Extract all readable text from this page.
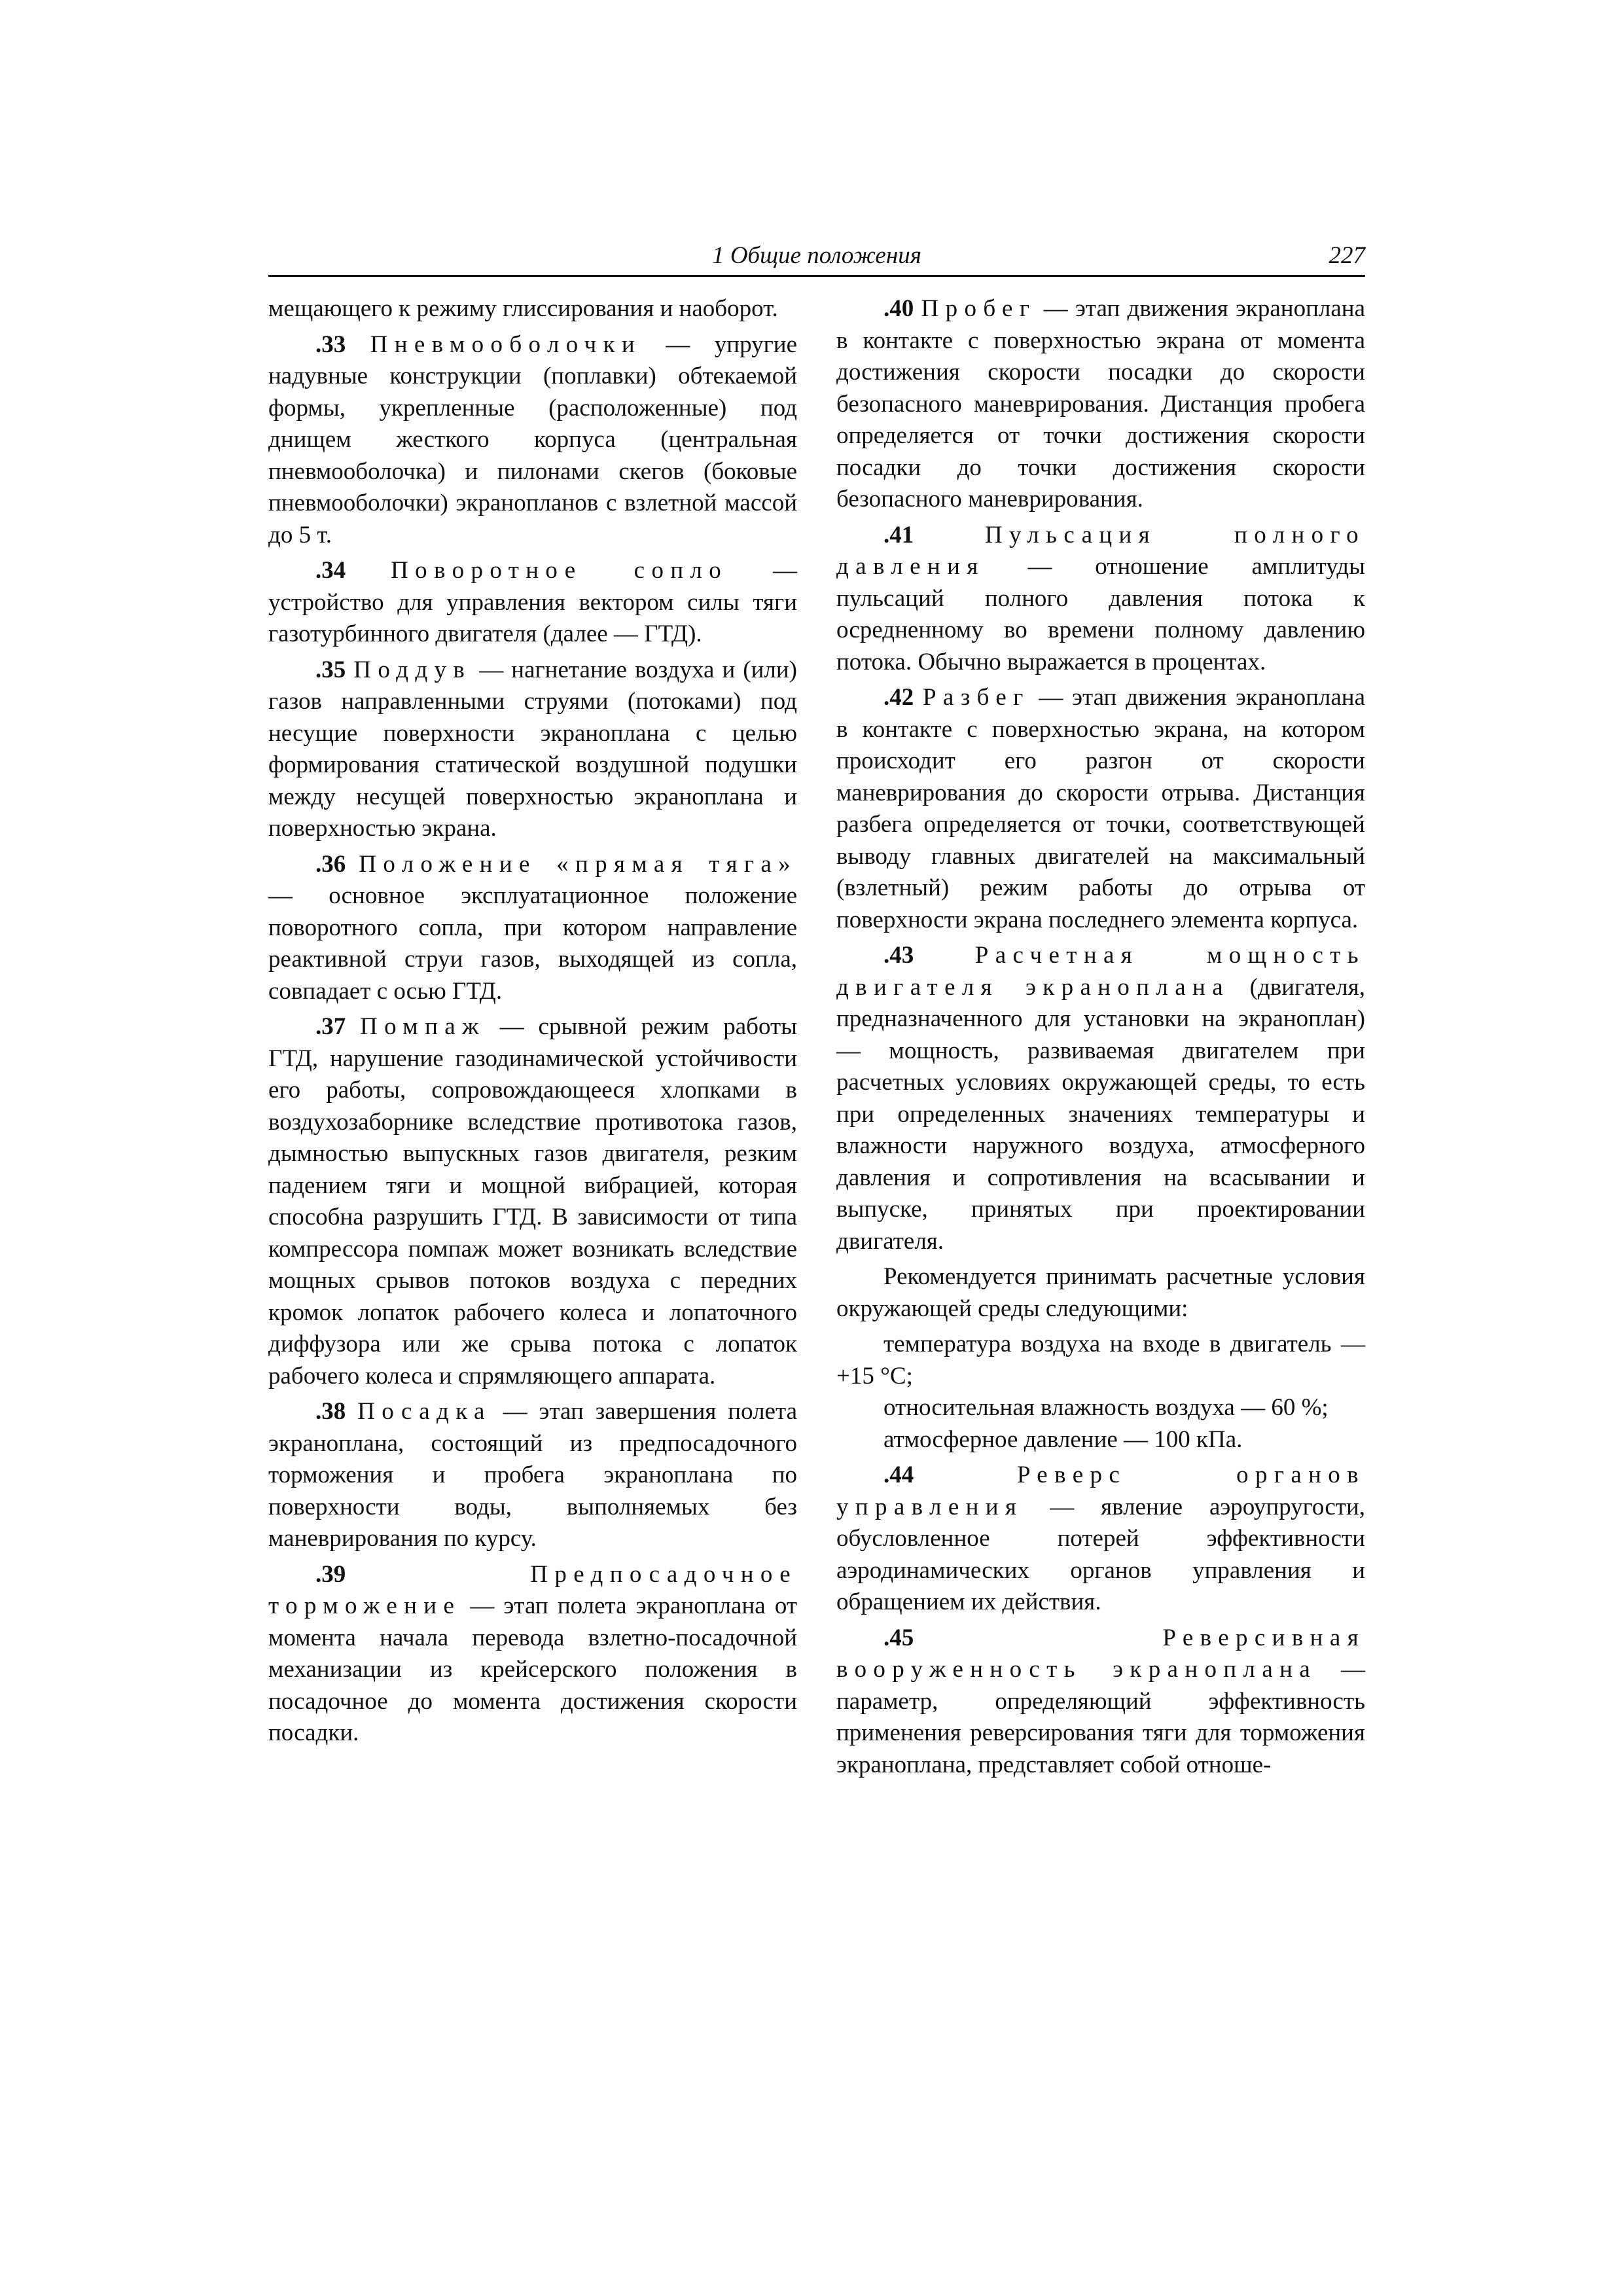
1 Общие положения	227

мещающего к режиму глиссирования и наоборот.

.33 Пневмооболочки — упругие надувные конструкции (поплавки) обтекаемой формы, укрепленные (расположенные) под днищем жесткого корпуса (центральная пневмооболочка) и пилонами скегов (боковые пневмооболочки) экранопланов с взлетной массой до 5 т.

.34 Поворотное сопло — устройство для управления вектором силы тяги газотурбинного двигателя (далее — ГТД).

.35 Поддув — нагнетание воздуха и (или) газов направленными струями (потоками) под несущие поверхности экраноплана с целью формирования статической воздушной подушки между несущей поверхностью экраноплана и поверхностью экрана.

.36 Положение «прямая тяга» — основное эксплуатационное положение поворотного сопла, при котором направление реактивной струи газов, выходящей из сопла, совпадает с осью ГТД.

.37 Помпаж — срывной режим работы ГТД, нарушение газодинамической устойчивости его работы, сопровождающееся хлопками в воздухозаборнике вследствие противотока газов, дымностью выпускных газов двигателя, резким падением тяги и мощной вибрацией, которая способна разрушить ГТД. В зависимости от типа компрессора помпаж может возникать вследствие мощных срывов потоков воздуха с передних кромок лопаток рабочего колеса и лопаточного диффузора или же срыва потока с лопаток рабочего колеса и спрямляющего аппарата.

.38 Посадка — этап завершения полета экраноплана, состоящий из предпосадочного торможения и пробега экраноплана по поверхности воды, выполняемых без маневрирования по курсу.

.39	Предпосадочное торможение — этап полета экраноплана от момента начала перевода взлетно-посадочной механизации из крейсерского положения в посадочное до момента достижения скорости посадки.

.40 Пробег — этап движения экраноплана в контакте с поверхностью экрана от момента достижения скорости посадки до скорости безопасного маневрирования. Дистанция пробега определяется от точки достижения скорости посадки до точки достижения скорости безопасного маневрирования.

.41	Пульсация полного давления — отношение амплитуды пульсаций полного давления потока к осредненному во времени полному давлению потока. Обычно выражается в процентах.

.42 Разбег — этап движения экраноплана в контакте с поверхностью экрана, на котором происходит его разгон от скорости маневрирования до скорости отрыва. Дистанция разбега определяется от точки, соответствующей выводу главных двигателей на максимальный (взлетный) режим работы до отрыва от поверхности экрана последнего элемента корпуса.

.43	Расчетная мощность двигателя экраноплана (двигателя, предназначенного для установки на экраноплан) — мощность, развиваемая двигателем при расчетных условиях окружающей среды, то есть при определенных значениях температуры и влажности наружного воздуха, атмосферного давления и сопротивления на всасывании и выпуске, принятых при проектировании двигателя.

Рекомендуется принимать расчетные условия окружающей среды следующими:

температура воздуха на входе в двигатель — +15 °С;

относительная влажность воздуха — 60 %;

атмосферное давление — 100 кПа.

.44	Реверс органов управления — явление аэроупругости, обусловленное потерей эффективности аэродинамических органов управления и обращением их действия.

.45	Реверсивная вооруженность экраноплана — параметр, определяющий эффективность применения реверсирования тяги для торможения экраноплана, представляет собой отноше-
